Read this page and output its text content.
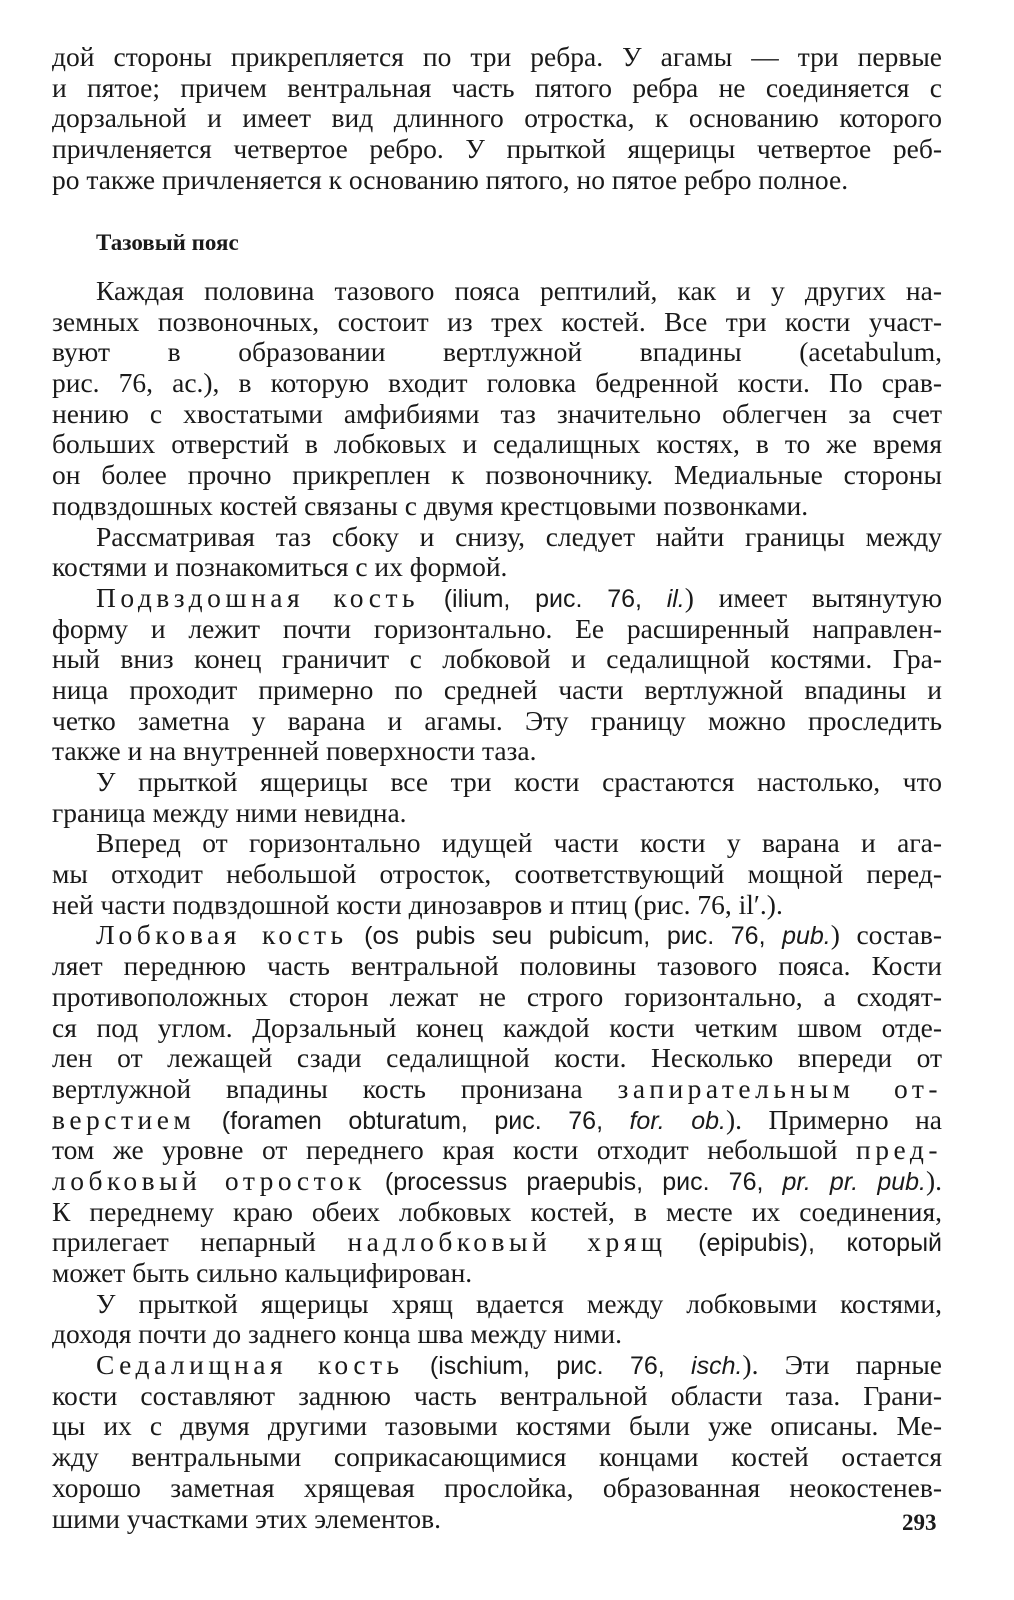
дой стороны прикрепляется по три ребра. У агамы — три первые
и пятое; причем вентральная часть пятого ребра не соединяется с
дорзальной и имеет вид длинного отростка, к основанию которого
причленяется четвертое ребро. У прыткой ящерицы четвертое реб-
ро также причленяется к основанию пятого, но пятое ребро полное.
Тазовый пояс
Каждая половина тазового пояса рептилий, как и у других на-
земных позвоночных, состоит из трех костей. Все три кости участ-
вуют в образовании вертлужной впадины (acetabulum,
рис. 76, ac.), в которую входит головка бедренной кости. По срав-
нению с хвостатыми амфибиями таз значительно облегчен за счет
больших отверстий в лобковых и седалищных костях, в то же время
он более прочно прикреплен к позвоночнику. Медиальные стороны
подвздошных костей связаны с двумя крестцовыми позвонками.
Рассматривая таз сбоку и снизу, следует найти границы между
костями и познакомиться с их формой.
Подвздошная кость (ilium, рис. 76, il.) имеет вытянутую
форму и лежит почти горизонтально. Ее расширенный направлен-
ный вниз конец граничит с лобковой и седалищной костями. Гра-
ница проходит примерно по средней части вертлужной впадины и
четко заметна у варана и агамы. Эту границу можно проследить
также и на внутренней поверхности таза.
У прыткой ящерицы все три кости срастаются настолько, что
граница между ними невидна.
Вперед от горизонтально идущей части кости у варана и ага-
мы отходит небольшой отросток, соответствующий мощной перед-
ней части подвздошной кости динозавров и птиц (рис. 76, il′.).
Лобковая кость (os pubis seu pubicum, рис. 76, pub.) состав-
ляет переднюю часть вентральной половины тазового пояса. Кости
противоположных сторон лежат не строго горизонтально, а сходят-
ся под углом. Дорзальный конец каждой кости четким швом отде-
лен от лежащей сзади седалищной кости. Несколько впереди от
вертлужной впадины кость пронизана запирательным от-
верстием (foramen obturatum, рис. 76, for. ob.). Примерно на
том же уровне от переднего края кости отходит небольшой пред-
лобковый отросток (processus praepubis, рис. 76, pr. pr. pub.).
К переднему краю обеих лобковых костей, в месте их соединения,
прилегает непарный надлобковый хрящ (epipubis), который
может быть сильно кальцифирован.
У прыткой ящерицы хрящ вдается между лобковыми костями,
доходя почти до заднего конца шва между ними.
Седалищная кость (ischium, рис. 76, isch.). Эти парные
кости составляют заднюю часть вентральной области таза. Грани-
цы их с двумя другими тазовыми костями были уже описаны. Ме-
жду вентральными соприкасающимися концами костей остается
хорошо заметная хрящевая прослойка, образованная неокостенев-
шими участками этих элементов.	293
